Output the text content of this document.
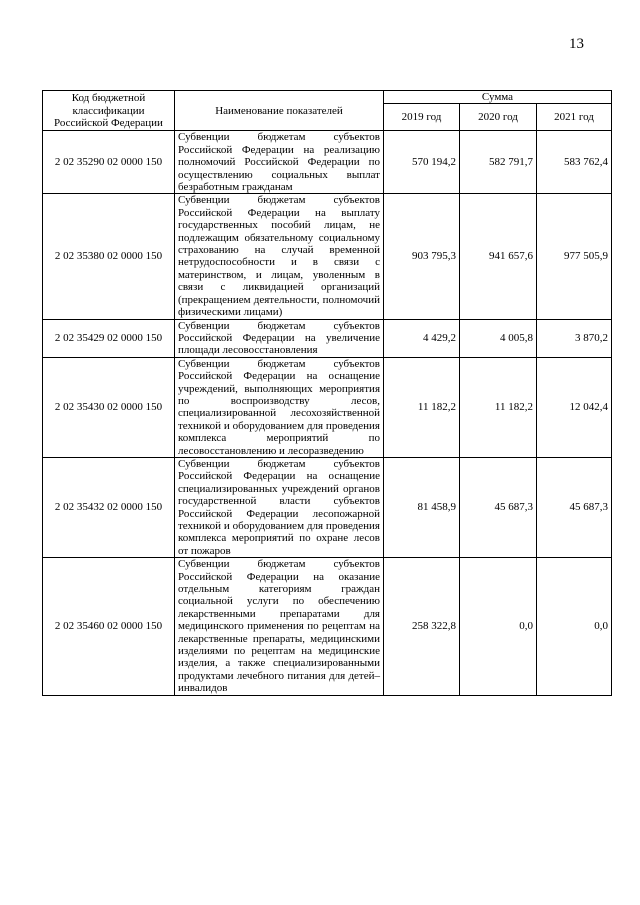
13
Код бюджетной классификации Российской Федерации	Наименование показателей	Сумма		
		2019 год	2020 год	2021 год
2 02 35290 02 0000 150	Субвенции бюджетам субъектов Российской Федерации на реализацию полномочий Российской Федерации по осуществлению социальных выплат безработным гражданам	570 194,2	582 791,7	583 762,4
2 02 35380 02 0000 150	Субвенции бюджетам субъектов Российской Федерации на выплату государственных пособий лицам, не подлежащим обязательному социальному страхованию на случай временной нетрудоспособности и в связи с материнством, и лицам, уволенным в связи с ликвидацией организаций (прекращением деятельности, полномочий физическими лицами)	903 795,3	941 657,6	977 505,9
2 02 35429 02 0000 150	Субвенции бюджетам субъектов Российской Федерации на увеличение площади лесовосстановления	4 429,2	4 005,8	3 870,2
2 02 35430 02 0000 150	Субвенции бюджетам субъектов Российской Федерации на оснащение учреждений, выполняющих мероприятия по воспроизводству лесов, специализированной лесохозяйственной техникой и оборудованием для проведения комплекса мероприятий по лесовосстановлению и лесоразведению	11 182,2	11 182,2	12 042,4
2 02 35432 02 0000 150	Субвенции бюджетам субъектов Российской Федерации на оснащение специализированных учреждений органов государственной власти субъектов Российской Федерации лесопожарной техникой и оборудованием для проведения комплекса мероприятий по охране лесов от пожаров	81 458,9	45 687,3	45 687,3
2 02 35460 02 0000 150	Субвенции бюджетам субъектов Российской Федерации на оказание отдельным категориям граждан социальной услуги по обеспечению лекарственными препаратами для медицинского применения по рецептам на лекарственные препараты, медицинскими изделиями по рецептам на медицинские изделия, а также специализированными продуктами лечебного питания для детей–инвалидов	258 322,8	0,0	0,0
